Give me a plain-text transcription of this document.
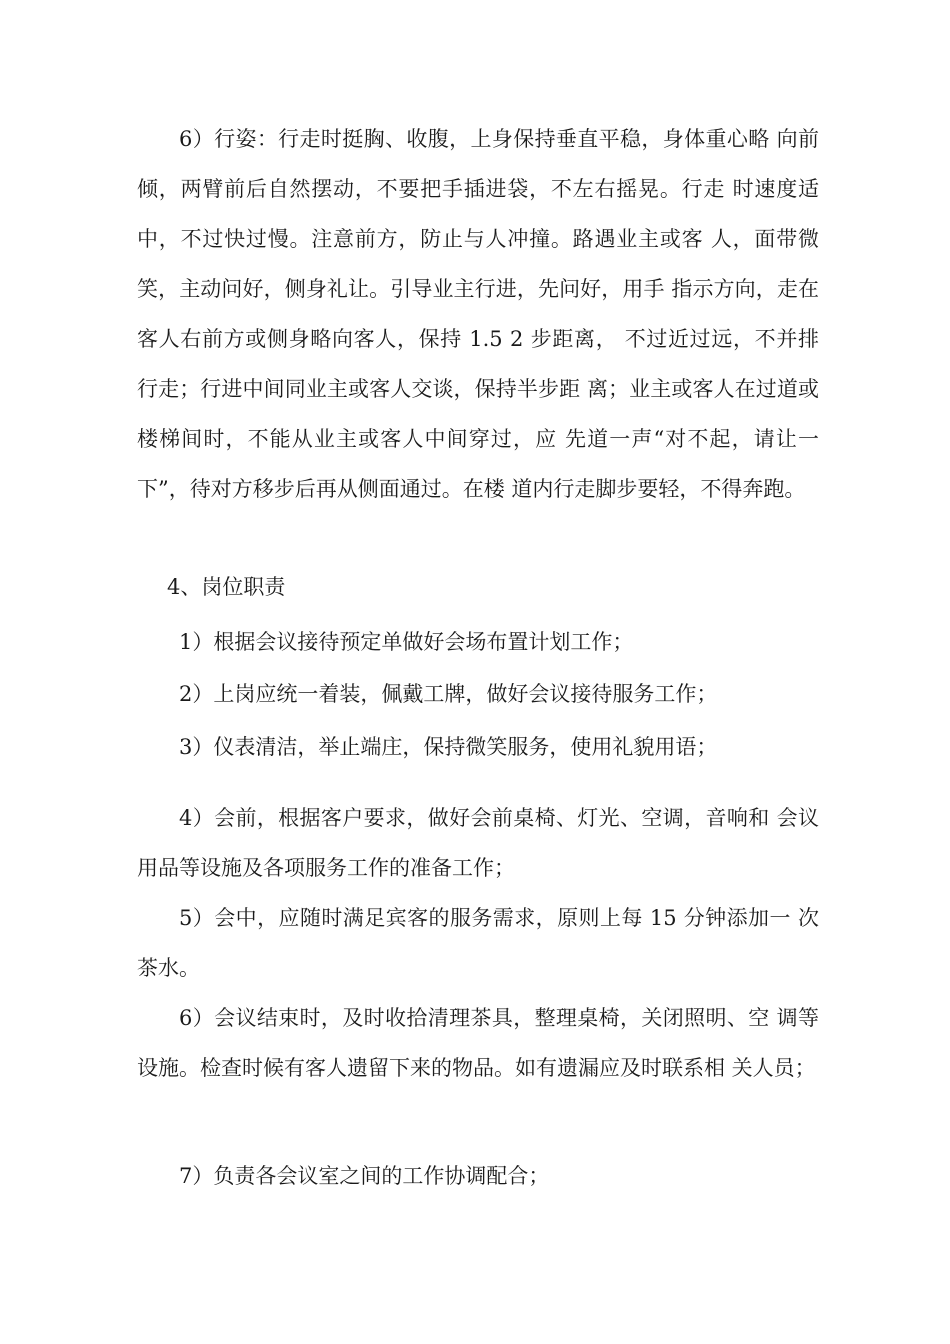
6）行姿：行走时挺胸、收腹，上身保持垂直平稳，身体重心略 向前倾，两臂前后自然摆动，不要把手插进袋，不左右摇晃。行走 时速度适中，不过快过慢。注意前方，防止与人冲撞。路遇业主或客 人，面带微笑，主动问好，侧身礼让。引导业主行进，先问好，用手 指示方向，走在客人右前方或侧身略向客人，保持 1.5 2 步距离， 不过近过远，不并排行走；行进中间同业主或客人交谈，保持半步距 离；业主或客人在过道或楼梯间时，不能从业主或客人中间穿过，应 先道一声“对不起，请让一下”，待对方移步后再从侧面通过。在楼 道内行走脚步要轻，不得奔跑。

4、岗位职责

1）根据会议接待预定单做好会场布置计划工作；

2）上岗应统一着装，佩戴工牌，做好会议接待服务工作；

3）仪表清洁，举止端庄，保持微笑服务，使用礼貌用语；

4）会前，根据客户要求，做好会前桌椅、灯光、空调，音响和 会议用品等设施及各项服务工作的准备工作；

5）会中，应随时满足宾客的服务需求，原则上每 15 分钟添加一 次茶水。

6）会议结束时，及时收拾清理茶具，整理桌椅，关闭照明、空 调等设施。检查时候有客人遗留下来的物品。如有遗漏应及时联系相 关人员；

7）负责各会议室之间的工作协调配合；
